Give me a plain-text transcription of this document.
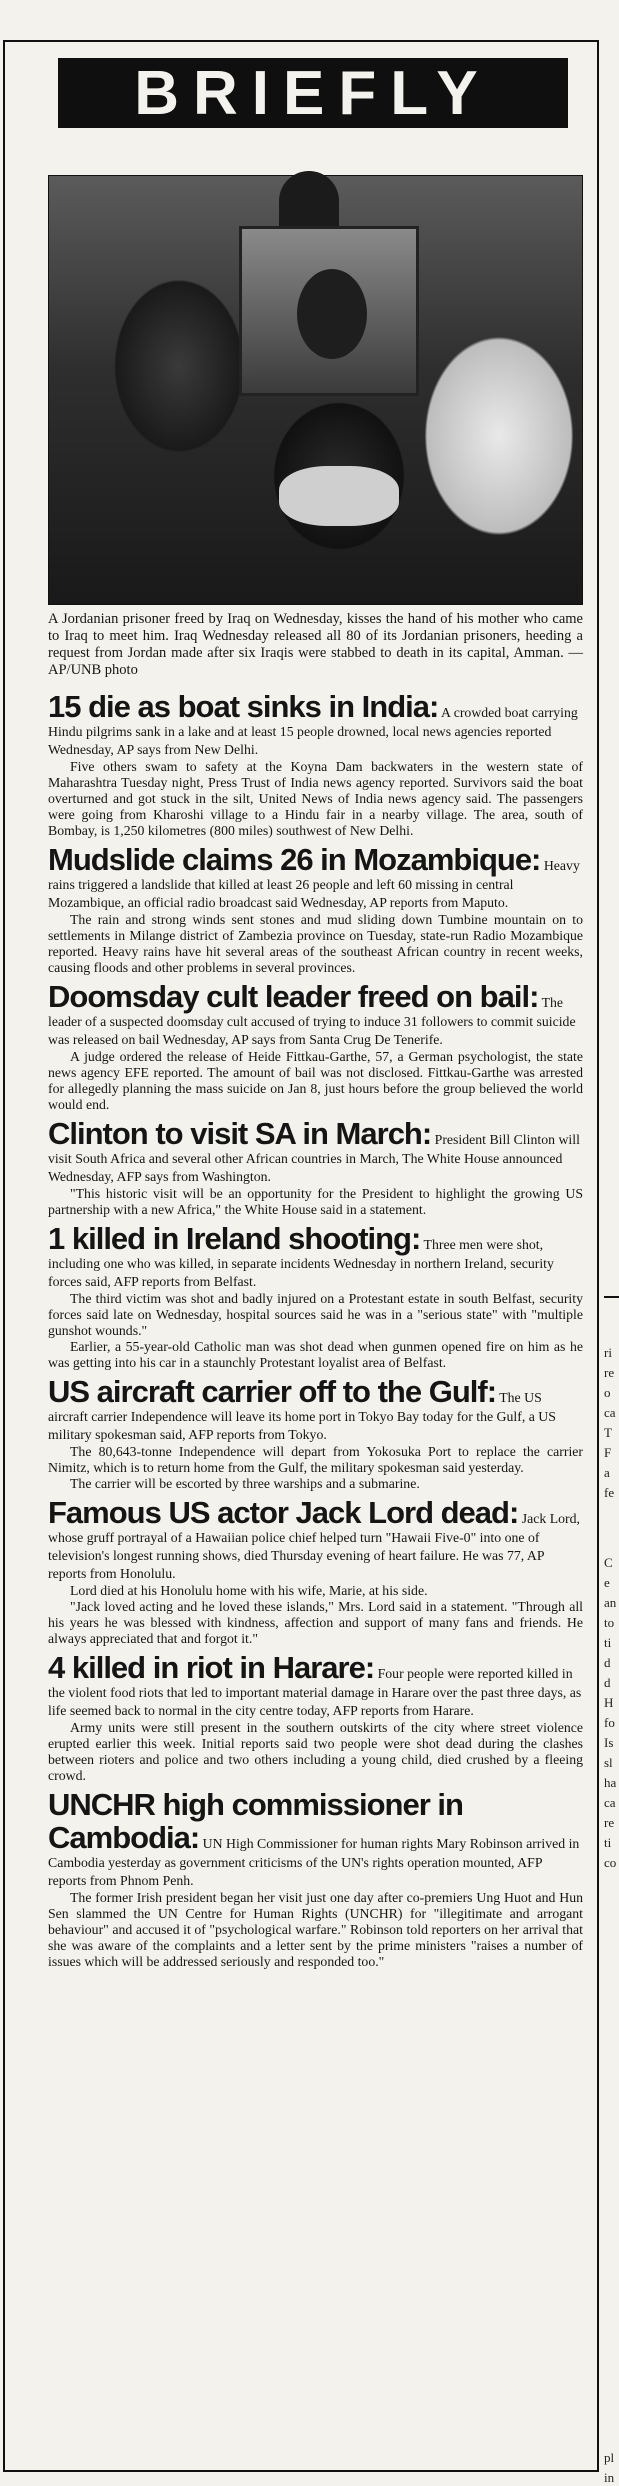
BRIEFLY
A Jordanian prisoner freed by Iraq on Wednesday, kisses the hand of his mother who came to Iraq to meet him. Iraq Wednesday released all 80 of its Jordanian prisoners, heeding a request from Jordan made after six Iraqis were stabbed to death in its capital, Amman. — AP/UNB photo

15 die as boat sinks in India: A crowded boat carrying Hindu pilgrims sank in a lake and at least 15 people drowned, local news agencies reported Wednesday, AP says from New Delhi.

Five others swam to safety at the Koyna Dam backwaters in the western state of Maharashtra Tuesday night, Press Trust of India news agency reported. Survivors said the boat overturned and got stuck in the silt, United News of India news agency said. The passengers were going from Kharoshi village to a Hindu fair in a nearby village. The area, south of Bombay, is 1,250 kilometres (800 miles) southwest of New Delhi.

Mudslide claims 26 in Mozambique: Heavy rains triggered a landslide that killed at least 26 people and left 60 missing in central Mozambique, an official radio broadcast said Wednesday, AP reports from Maputo.

The rain and strong winds sent stones and mud sliding down Tumbine mountain on to settlements in Milange district of Zambezia province on Tuesday, state-run Radio Mozambique reported. Heavy rains have hit several areas of the southeast African country in recent weeks, causing floods and other problems in several provinces.

Doomsday cult leader freed on bail: The leader of a suspected doomsday cult accused of trying to induce 31 followers to commit suicide was released on bail Wednesday, AP says from Santa Crug De Tenerife.

A judge ordered the release of Heide Fittkau-Garthe, 57, a German psychologist, the state news agency EFE reported. The amount of bail was not disclosed. Fittkau-Garthe was arrested for allegedly planning the mass suicide on Jan 8, just hours before the group believed the world would end.

Clinton to visit SA in March: President Bill Clinton will visit South Africa and several other African countries in March, The White House announced Wednesday, AFP says from Washington.

"This historic visit will be an opportunity for the President to highlight the growing US partnership with a new Africa," the White House said in a statement.

1 killed in Ireland shooting: Three men were shot, including one who was killed, in separate incidents Wednesday in northern Ireland, security forces said, AFP reports from Belfast.

The third victim was shot and badly injured on a Protestant estate in south Belfast, security forces said late on Wednesday, hospital sources said he was in a "serious state" with "multiple gunshot wounds."

Earlier, a 55-year-old Catholic man was shot dead when gunmen opened fire on him as he was getting into his car in a staunchly Protestant loyalist area of Belfast.

US aircraft carrier off to the Gulf: The US aircraft carrier Independence will leave its home port in Tokyo Bay today for the Gulf, a US military spokesman said, AFP reports from Tokyo.

The 80,643-tonne Independence will depart from Yokosuka Port to replace the carrier Nimitz, which is to return home from the Gulf, the military spokesman said yesterday.

The carrier will be escorted by three warships and a submarine.

Famous US actor Jack Lord dead: Jack Lord, whose gruff portrayal of a Hawaiian police chief helped turn "Hawaii Five-0" into one of television's longest running shows, died Thursday evening of heart failure. He was 77, AP reports from Honolulu.

Lord died at his Honolulu home with his wife, Marie, at his side.

"Jack loved acting and he loved these islands," Mrs. Lord said in a statement. "Through all his years he was blessed with kindness, affection and support of many fans and friends. He always appreciated that and forgot it."

4 killed in riot in Harare: Four people were reported killed in the violent food riots that led to important material damage in Harare over the past three days, as life seemed back to normal in the city centre today, AFP reports from Harare.

Army units were still present in the southern outskirts of the city where street violence erupted earlier this week. Initial reports said two people were shot dead during the clashes between rioters and police and two others including a young child, died crushed by a fleeing crowd.

UNCHR high commissioner in Cambodia: UN High Commissioner for human rights Mary Robinson arrived in Cambodia yesterday as government criticisms of the UN's rights operation mounted, AFP reports from Phnom Penh.

The former Irish president began her visit just one day after co-premiers Ung Huot and Hun Sen slammed the UN Centre for Human Rights (UNCHR) for "illegitimate and arrogant behaviour" and accused it of "psychological warfare." Robinson told reporters on her arrival that she was aware of the complaints and a letter sent by the prime ministers "raises a number of issues which will be addressed seriously and responded too."

ri
re
o
ca
T
F
a
fe
C
e
an
to
ti
d
d
H
fo
Is
sl
ha
ca
re
ti
co
pl
in
